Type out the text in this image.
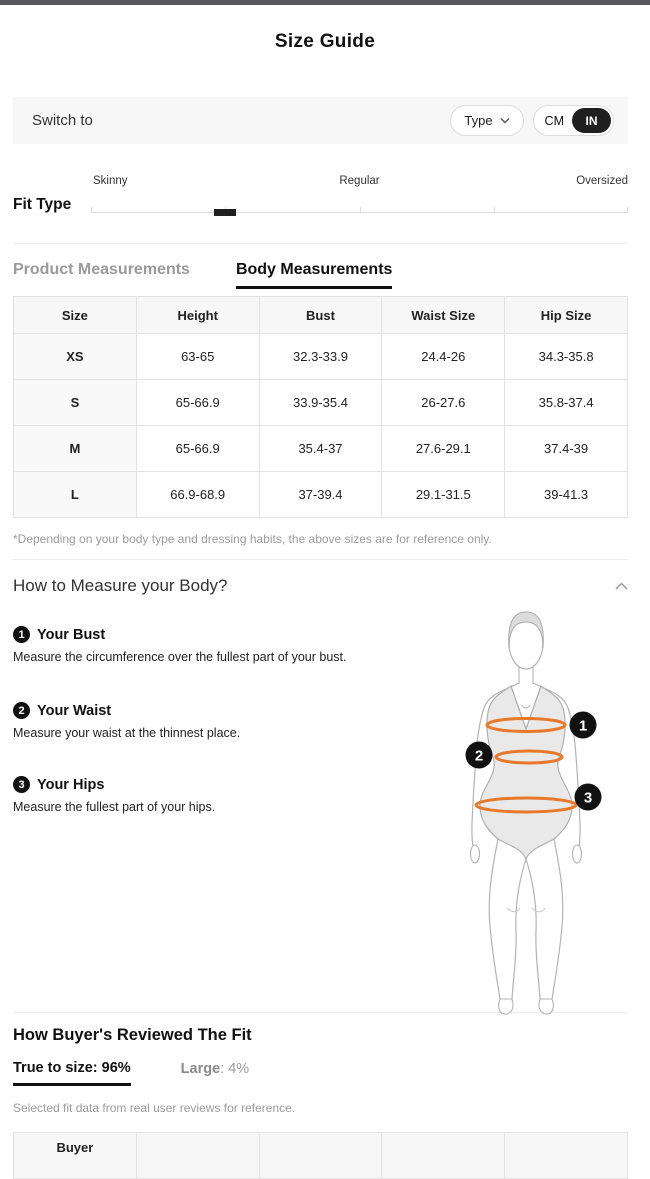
Size Guide
Switch to	Type	CM	IN
Fit Type
Skinny	Regular	Oversized
Product Measurements	Body Measurements
Size	Height	Bust	Waist Size	Hip Size
XS	63-65	32.3-33.9	24.4-26	34.3-35.8
S	65-66.9	33.9-35.4	26-27.6	35.8-37.4
M	65-66.9	35.4-37	27.6-29.1	37.4-39
L	66.9-68.9	37-39.4	29.1-31.5	39-41.3
*Depending on your body type and dressing habits, the above sizes are for reference only.
How to Measure your Body?
1 Your Bust
Measure the circumference over the fullest part of your bust.
2 Your Waist
Measure your waist at the thinnest place.
3 Your Hips
Measure the fullest part of your hips.
1
2
3
How Buyer's Reviewed The Fit
True to size: 96%	Large: 4%
Selected fit data from real user reviews for reference.
Buyer				
